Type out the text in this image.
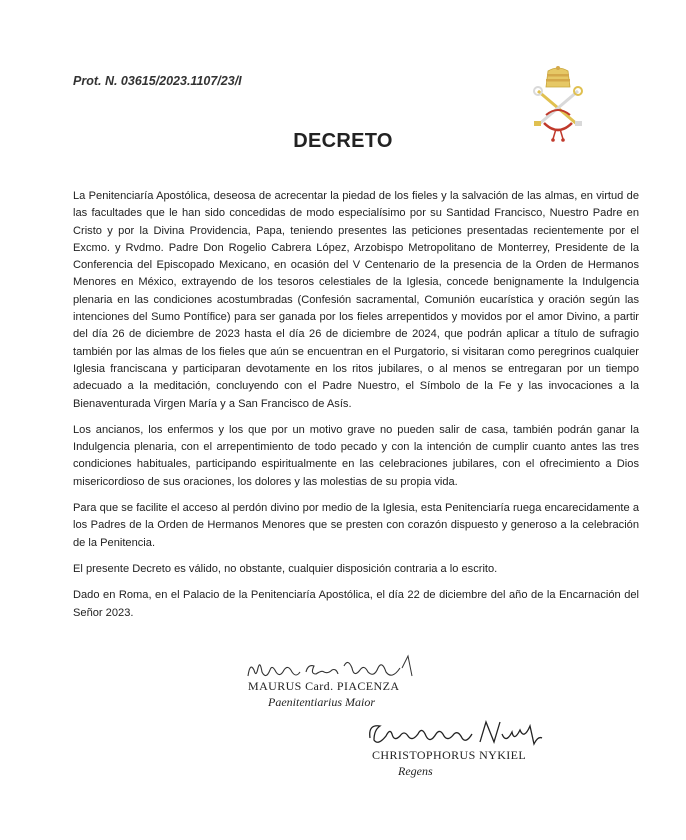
Prot. N. 03615/2023.1107/23/I
DECRETO

La Penitenciaría Apostólica, deseosa de acrecentar la piedad de los fieles y la salvación de las almas, en virtud de las facultades que le han sido concedidas de modo especialísimo por su Santidad Francisco, Nuestro Padre en Cristo y por la Divina Providencia, Papa, teniendo presentes las peticiones presentadas recientemente por el Excmo. y Rvdmo. Padre Don Rogelio Cabrera López, Arzobispo Metropolitano de Monterrey, Presidente de la Conferencia del Episcopado Mexicano, en ocasión del V Centenario de la presencia de la Orden de Hermanos Menores en México, extrayendo de los tesoros celestiales de la Iglesia, concede benignamente la Indulgencia plenaria en las condiciones acostumbradas (Confesión sacramental, Comunión eucarística y oración según las intenciones del Sumo Pontífice) para ser ganada por los fieles arrepentidos y movidos por el amor Divino, a partir del día 26 de diciembre de 2023 hasta el día 26 de diciembre de 2024, que podrán aplicar a título de sufragio también por las almas de los fieles que aún se encuentran en el Purgatorio, si visitaran como peregrinos cualquier Iglesia franciscana y participaran devotamente en los ritos jubilares, o al menos se entregaran por un tiempo adecuado a la meditación, concluyendo con el Padre Nuestro, el Símbolo de la Fe y las invocaciones a la Bienaventurada Virgen María y a San Francisco de Asís.

Los ancianos, los enfermos y los que por un motivo grave no pueden salir de casa, también podrán ganar la Indulgencia plenaria, con el arrepentimiento de todo pecado y con la intención de cumplir cuanto antes las tres condiciones habituales, participando espiritualmente en las celebraciones jubilares, con el ofrecimiento a Dios misericordioso de sus oraciones, los dolores y las molestias de su propia vida.

Para que se facilite el acceso al perdón divino por medio de la Iglesia, esta Penitenciaría ruega encarecidamente a los Padres de la Orden de Hermanos Menores que se presten con corazón dispuesto y generoso a la celebración de la Penitencia.

El presente Decreto es válido, no obstante, cualquier disposición contraria a lo escrito.

Dado en Roma, en el Palacio de la Penitenciaría Apostólica, el día 22 de diciembre del año de la Encarnación del Señor 2023.

MAURUS Card. PIACENZA
Paenitentiarius Maior
CHRISTOPHORUS NYKIEL
Regens
